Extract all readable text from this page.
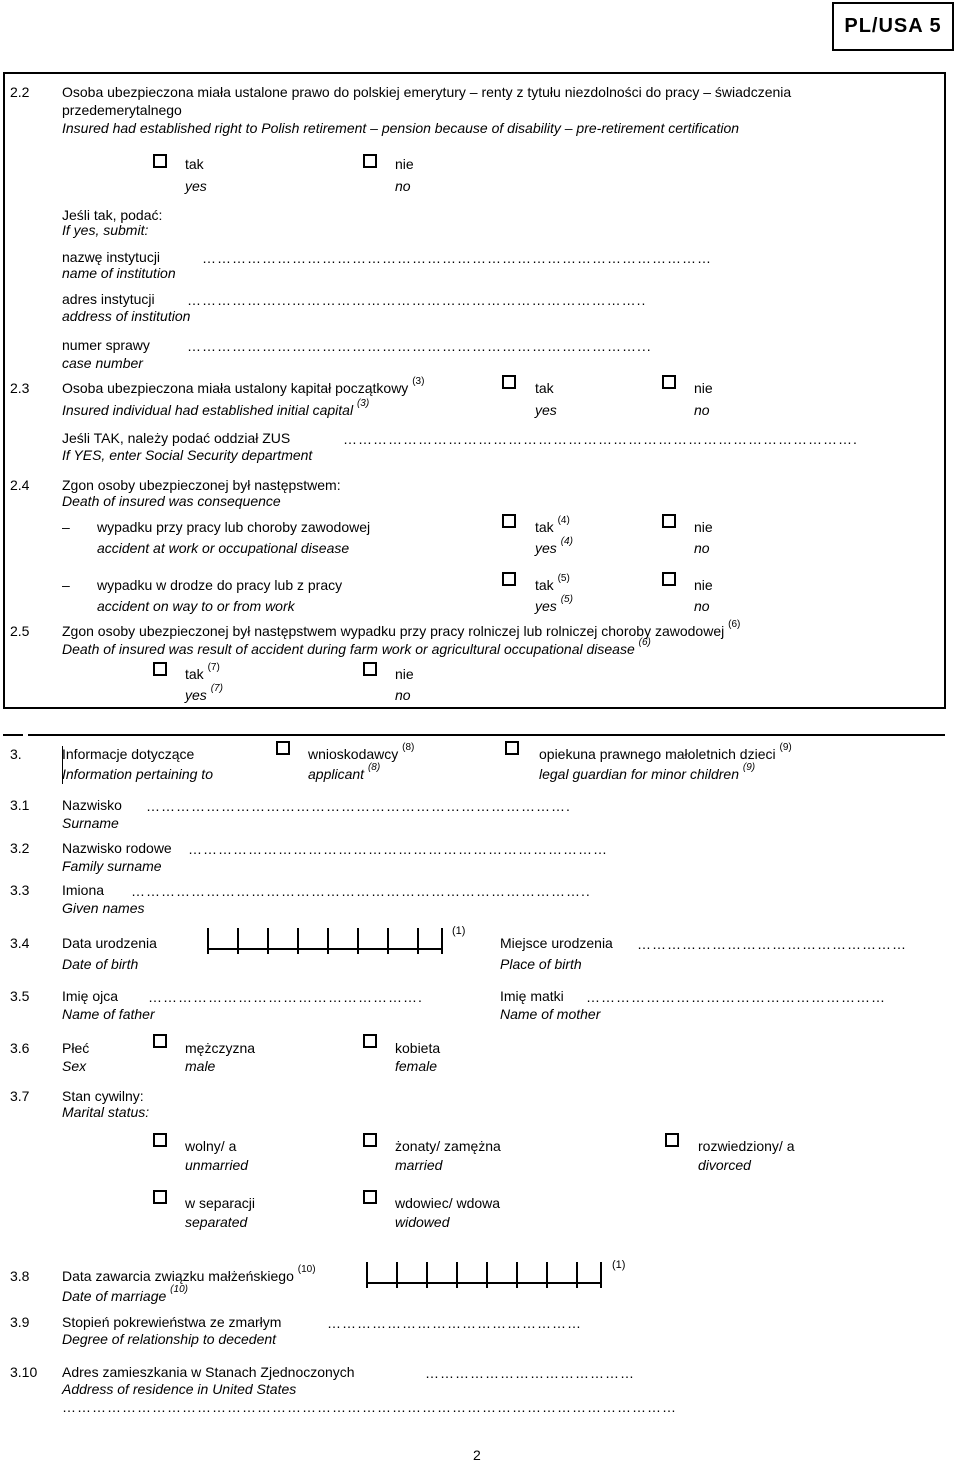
PL/USA 5
2.2 Osoba ubezpieczona miała ustalone prawo do polskiej emerytury – renty z tytułu niezdolności do pracy – świadczenia
przedemerytalnego
Insured had established right to Polish retirement – pension because of disability – pre-retirement certification
tak
yes
nie
no
Jeśli tak, podać:
If yes, submit:
nazwę instytucji
name of institution
…………………………………………………………………………………………
adres instytucji
address of institution
………………...……………………………………………………………..
numer sprawy
case number
………………………………………………………………………………...
2.3 Osoba ubezpieczona miała ustalony kapitał początkowy $^{(3)}$
Insured individual had established initial capital $^{(3)}$
tak
yes
nie
no
Jeśli TAK, należy podać oddział ZUS
If YES, enter Social Security department
………………………………………………………………………………………….
2.4 Zgon osoby ubezpieczonej był następstwem:
Death of insured was consequence
– wypadku przy pracy lub choroby zawodowej
accident at work or occupational disease
tak $^{(4)}$
yes $^{(4)}$
nie
no
– wypadku w drodze do pracy lub z pracy
accident on way to or from work
tak $^{(5)}$
yes $^{(5)}$
nie
no
2.5 Zgon osoby ubezpieczonej był następstwem wypadku przy pracy rolniczej lub rolniczej choroby zawodowej $^{(6)}$
Death of insured was result of accident during farm work or agricultural occupational disease $^{(6)}$
tak $^{(7)}$
yes $^{(7)}$
nie
no
3.	Informacje dotyczące
Information pertaining to
wnioskodawcy $^{(8)}$
applicant $^{(8)}$
opiekuna prawnego małoletnich dzieci $^{(9)}$
legal guardian for minor children $^{(9)}$
3.1 Nazwisko
Surname
………………………………………………………………………….
3.2 Nazwisko rodowe
Family surname
…………………………………………………………………………
3.3 Imiona
Given names
………………………………………………………………………………..
3.4 Data urodzenia
Date of birth
(1)
Miejsce urodzenia
Place of birth
………………………………………………
3.5 Imię ojca
Name of father
……………………………………………….	Imię matki
Name of mother
……………………………………………………
3.6 Płeć
Sex
mężczyzna
male
kobieta
female
3.7 Stan cywilny:
Marital status:
wolny/ a
unmarried
żonaty/ zamężna
married
rozwiedziony/ a
divorced
w separacji
separated
wdowiec/ wdowa
widowed
3.8 Data zawarcia związku małżeńskiego $^{(10)}$
Date of marriage $^{(10)}$
(1)
3.9 Stopień pokrewieństwa ze zmarłym
Degree of relationship to decedent
……………………………………………
3.10 Adres zamieszkania w Stanach Zjednoczonych
Address of residence in United States
……………………………………
……………………………………………………………………………………………………………
2
